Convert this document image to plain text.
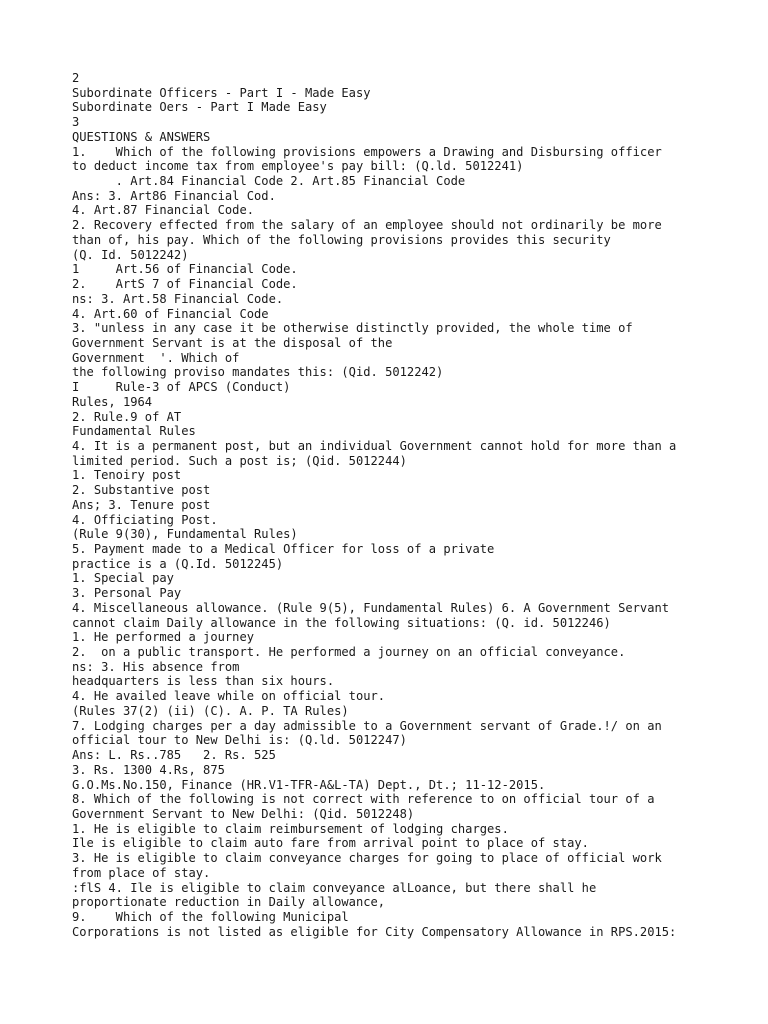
2
Subordinate Officers - Part I - Made Easy
Subordinate Oers - Part I Made Easy
3
QUESTIONS & ANSWERS
1.    Which of the following provisions empowers a Drawing and Disbursing officer
to deduct income tax from employee's pay bill: (Q.ld. 5012241)
. Art.84 Financial Code 2. Art.85 Financial Code
Ans: 3. Art86 Financial Cod.
4. Art.87 Financial Code.
2. Recovery effected from the salary of an employee should not ordinarily be more
than of, his pay. Which of the following provisions provides this security
(Q. Id. 5012242)
1     Art.56 of Financial Code.
2.    ArtS 7 of Financial Code.
ns: 3. Art.58 Financial Code.
4. Art.60 of Financial Code
3. "unless in any case it be otherwise distinctly provided, the whole time of
Government Servant is at the disposal of the
Government  '. Which of
the following proviso mandates this: (Qid. 5012242)
I     Rule-3 of APCS (Conduct)
Rules, 1964
2. Rule.9 of AT
Fundamental Rules
4. It is a permanent post, but an individual Government cannot hold for more than a
limited period. Such a post is; (Qid. 5012244)
1. Tenoiry post
2. Substantive post
Ans; 3. Tenure post
4. Officiating Post.
(Rule 9(30), Fundamental Rules)
5. Payment made to a Medical Officer for loss of a private
practice is a (Q.Id. 5012245)
1. Special pay
3. Personal Pay
4. Miscellaneous allowance. (Rule 9(5), Fundamental Rules) 6. A Government Servant
cannot claim Daily allowance in the following situations: (Q. id. 5012246)
1. He performed a journey
2.  on a public transport. He performed a journey on an official conveyance.
ns: 3. His absence from
headquarters is less than six hours.
4. He availed leave while on official tour.
(Rules 37(2) (ii) (C). A. P. TA Rules)
7. Lodging charges per a day admissible to a Government servant of Grade.!/ on an
official tour to New Delhi is: (Q.ld. 5012247)
Ans: L. Rs..785   2. Rs. 525
3. Rs. 1300 4.Rs, 875
G.O.Ms.No.150, Finance (HR.V1-TFR-A&L-TA) Dept., Dt.; 11-12-2015.
8. Which of the following is not correct with reference to on official tour of a
Government Servant to New Delhi: (Qid. 5012248)
1. He is eligible to claim reimbursement of lodging charges.
Ile is eligible to claim auto fare from arrival point to place of stay.
3. He is eligible to claim conveyance charges for going to place of official work
from place of stay.
:flS 4. Ile is eligible to claim conveyance alLoance, but there shall he
proportionate reduction in Daily allowance,
9.    Which of the following Municipal
Corporations is not listed as eligible for City Compensatory Allowance in RPS.2015:
